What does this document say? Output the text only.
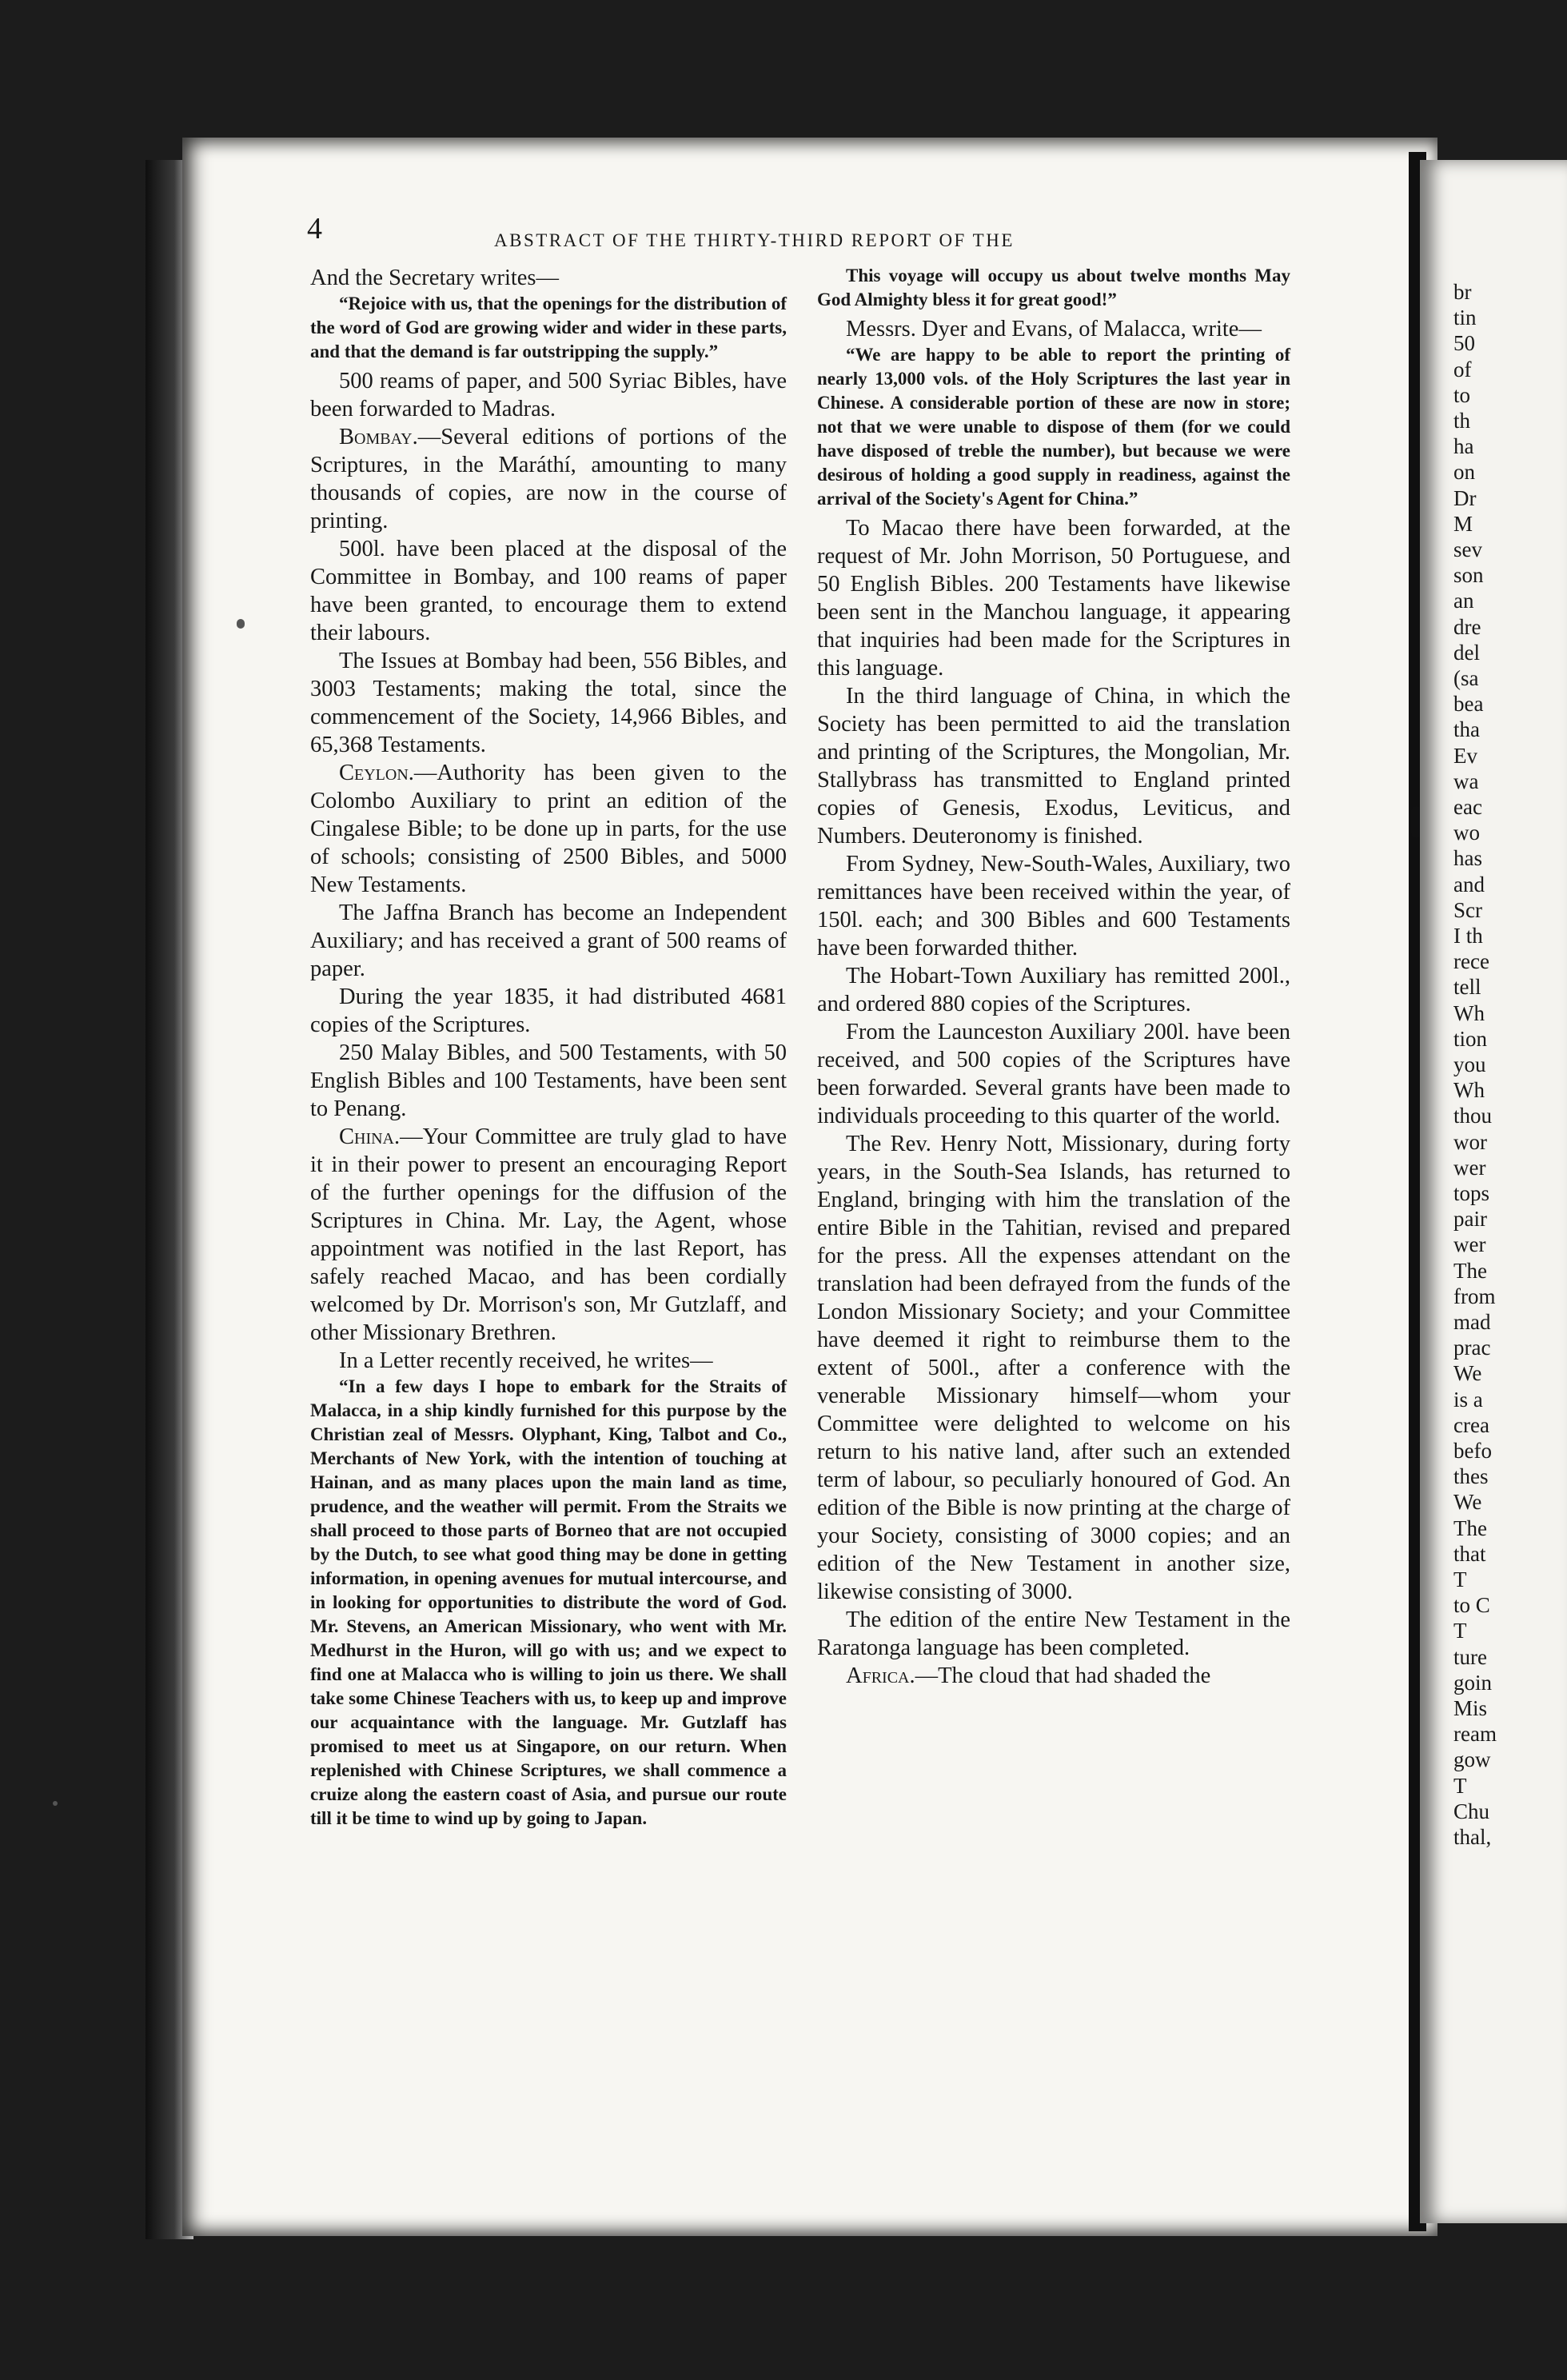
br
tin
50
of
to
th
ha
on
Dr
M
sev
son
an
dre
del
(sa
bea
tha
Ev
wa
eac
wo
has
and
Scr
I th
rece
tell
Wh
tion
you
Wh
thou
wor
wer
tops
pair
wer
The
from
mad
prac
We
is a
crea
befo
thes
We
The
that
T
to C
T
ture
goin
Mis
ream
gow
T
Chu
thal,
4	ABSTRACT OF THE THIRTY-THIRD REPORT OF THE

And the Secretary writes—

“Rejoice with us, that the openings for the distribution of the word of God are growing wider and wider in these parts, and that the demand is far outstripping the supply.”

500 reams of paper, and 500 Syriac Bibles, have been forwarded to Madras.

Bombay.—Several editions of portions of the Scriptures, in the Maráthí, amounting to many thousands of copies, are now in the course of printing.

500l. have been placed at the disposal of the Committee in Bombay, and 100 reams of paper have been granted, to encourage them to extend their labours.

The Issues at Bombay had been, 556 Bibles, and 3003 Testaments; making the total, since the commencement of the Society, 14,966 Bibles, and 65,368 Testaments.

Ceylon.—Authority has been given to the Colombo Auxiliary to print an edition of the Cingalese Bible; to be done up in parts, for the use of schools; consisting of 2500 Bibles, and 5000 New Testaments.

The Jaffna Branch has become an Independent Auxiliary; and has received a grant of 500 reams of paper.

During the year 1835, it had distributed 4681 copies of the Scriptures.

250 Malay Bibles, and 500 Testaments, with 50 English Bibles and 100 Testaments, have been sent to Penang.

China.—Your Committee are truly glad to have it in their power to present an encouraging Report of the further openings for the diffusion of the Scriptures in China. Mr. Lay, the Agent, whose appointment was notified in the last Report, has safely reached Macao, and has been cordially welcomed by Dr. Morrison's son, Mr Gutzlaff, and other Missionary Brethren.

In a Letter recently received, he writes—

“In a few days I hope to embark for the Straits of Malacca, in a ship kindly furnished for this purpose by the Christian zeal of Messrs. Olyphant, King, Talbot and Co., Merchants of New York, with the intention of touching at Hainan, and as many places upon the main land as time, prudence, and the weather will permit. From the Straits we shall proceed to those parts of Borneo that are not occupied by the Dutch, to see what good thing may be done in getting information, in opening avenues for mutual intercourse, and in looking for opportunities to distribute the word of God. Mr. Stevens, an American Missionary, who went with Mr. Medhurst in the Huron, will go with us; and we expect to find one at Malacca who is willing to join us there. We shall take some Chinese Teachers with us, to keep up and improve our acquaintance with the language. Mr. Gutzlaff has promised to meet us at Singapore, on our return. When replenished with Chinese Scriptures, we shall commence a cruize along the eastern coast of Asia, and pursue our route till it be time to wind up by going to Japan.

This voyage will occupy us about twelve months May God Almighty bless it for great good!”

Messrs. Dyer and Evans, of Malacca, write—

“We are happy to be able to report the printing of nearly 13,000 vols. of the Holy Scriptures the last year in Chinese. A considerable portion of these are now in store; not that we were unable to dispose of them (for we could have disposed of treble the number), but because we were desirous of holding a good supply in readiness, against the arrival of the Society's Agent for China.”

To Macao there have been forwarded, at the request of Mr. John Morrison, 50 Portuguese, and 50 English Bibles. 200 Testaments have likewise been sent in the Manchou language, it appearing that inquiries had been made for the Scriptures in this language.

In the third language of China, in which the Society has been permitted to aid the translation and printing of the Scriptures, the Mongolian, Mr. Stallybrass has transmitted to England printed copies of Genesis, Exodus, Leviticus, and Numbers. Deuteronomy is finished.

From Sydney, New-South-Wales, Auxiliary, two remittances have been received within the year, of 150l. each; and 300 Bibles and 600 Testaments have been forwarded thither.

The Hobart-Town Auxiliary has remitted 200l., and ordered 880 copies of the Scriptures.

From the Launceston Auxiliary 200l. have been received, and 500 copies of the Scriptures have been forwarded. Several grants have been made to individuals proceeding to this quarter of the world.

The Rev. Henry Nott, Missionary, during forty years, in the South-Sea Islands, has returned to England, bringing with him the translation of the entire Bible in the Tahitian, revised and prepared for the press. All the expenses attendant on the translation had been defrayed from the funds of the London Missionary Society; and your Committee have deemed it right to reimburse them to the extent of 500l., after a conference with the venerable Missionary himself—whom your Committee were delighted to welcome on his return to his native land, after such an extended term of labour, so peculiarly honoured of God. An edition of the Bible is now printing at the charge of your Society, consisting of 3000 copies; and an edition of the New Testament in another size, likewise consisting of 3000.

The edition of the entire New Testament in the Raratonga language has been completed.

Africa.—The cloud that had shaded the
